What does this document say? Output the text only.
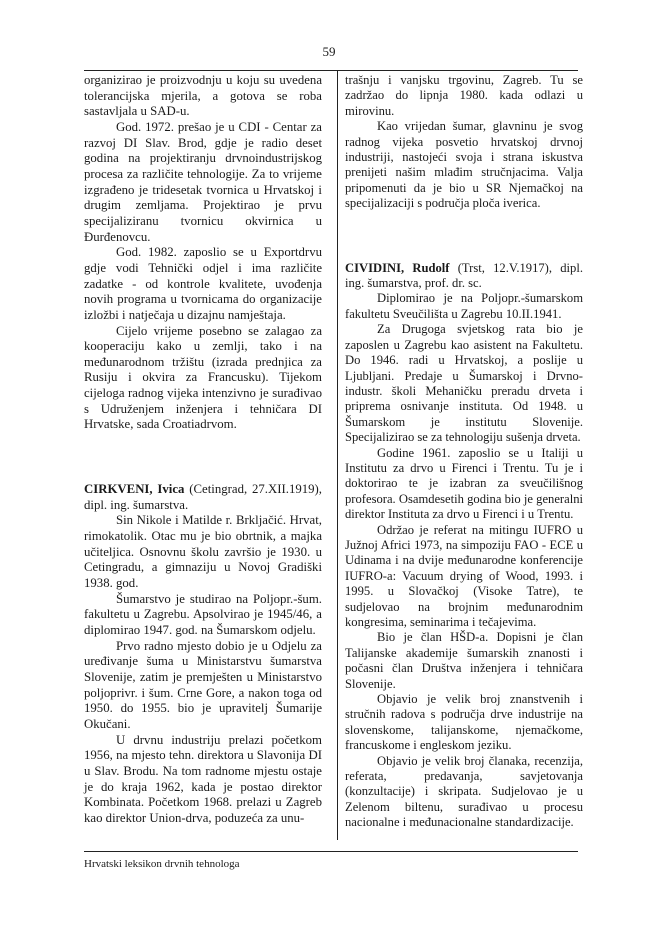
59

organizirao je proizvodnju u koju su uvedena tolerancijska mjerila, a gotova se roba sastavljala u SAD-u.

God. 1972. prešao je u CDI - Centar za razvoj DI Slav. Brod, gdje je radio deset godina na projektiranju drvnoindustrijskog procesa za različite tehnologije. Za to vrijeme izgrađeno je tridesetak tvornica u Hrvatskoj i drugim zemljama. Projektirao je prvu specijaliziranu tvornicu okvirnica u Đurđenovcu.

God. 1982. zaposlio se u Exportdrvu gdje vodi Tehnički odjel i ima različite zadatke - od kontrole kvalitete, uvođenja novih programa u tvornicama do organizacije izložbi i natječaja u dizajnu namještaja.

Cijelo vrijeme posebno se zalagao za kooperaciju kako u zemlji, tako i na međunarodnom tržištu (izrada prednjica za Rusiju i okvira za Francusku). Tijekom cijeloga radnog vijeka intenzivno je surađivao s Udruženjem inženjera i tehničara DI Hrvatske, sada Croatiadrvom.

CIRKVENI, Ivica (Cetingrad, 27.XII.1919), dipl. ing. šumarstva.

Sin Nikole i Matilde r. Brkljačić. Hrvat, rimokatolik. Otac mu je bio obrtnik, a majka učiteljica. Osnovnu školu završio je 1930. u Cetingradu, a gimnaziju u Novoj Gradiški 1938. god.

Šumarstvo je studirao na Poljopr.-šum. fakultetu u Zagrebu. Apsolvirao je 1945/46, a diplomirao 1947. god. na Šumarskom odjelu.

Prvo radno mjesto dobio je u Odjelu za uređivanje šuma u Ministarstvu šumarstva Slovenije, zatim je premješten u Ministarstvo poljoprivr. i šum. Crne Gore, a nakon toga od 1950. do 1955. bio je upravitelj Šumarije Okučani.

U drvnu industriju prelazi početkom 1956, na mjesto tehn. direktora u Slavonija DI u Slav. Brodu. Na tom radnome mjestu ostaje je do kraja 1962, kada je postao direktor Kombinata. Početkom 1968. prelazi u Zagreb kao direktor Union-drva, poduzeća za unu-

trašnju i vanjsku trgovinu, Zagreb. Tu se zadržao do lipnja 1980. kada odlazi u mirovinu.

Kao vrijedan šumar, glavninu je svog radnog vijeka posvetio hrvatskoj drvnoj industriji, nastojeći svoja i strana iskustva prenijeti našim mlađim stručnjacima. Valja pripomenuti da je bio u SR Njemačkoj na specijalizaciji s područja ploča iverica.

CIVIDINI, Rudolf (Trst, 12.V.1917), dipl. ing. šumarstva, prof. dr. sc.

Diplomirao je na Poljopr.-šumarskom fakultetu Sveučilišta u Zagrebu 10.II.1941.

Za Drugoga svjetskog rata bio je zaposlen u Zagrebu kao asistent na Fakultetu. Do 1946. radi u Hrvatskoj, a poslije u Ljubljani. Predaje u Šumarskoj i Drvno-industr. školi Mehaničku preradu drveta i priprema osnivanje instituta. Od 1948. u Šumarskom je institutu Slovenije. Specijalizirao se za tehnologiju sušenja drveta.

Godine 1961. zaposlio se u Italiji u Institutu za drvo u Firenci i Trentu. Tu je i doktorirao te je izabran za sveučilišnog profesora. Osamdesetih godina bio je generalni direktor Instituta za drvo u Firenci i u Trentu.

Održao je referat na mitingu IUFRO u Južnoj Africi 1973, na simpoziju FAO - ECE u Udinama i na dvije međunarodne konferencije IUFRO-a: Vacuum drying of Wood, 1993. i 1995. u Slovačkoj (Visoke Tatre), te sudjelovao na brojnim međunarodnim kongresima, seminarima i tečajevima.

Bio je član HŠD-a. Dopisni je član Talijanske akademije šumarskih znanosti i počasni član Društva inženjera i tehničara Slovenije.

Objavio je velik broj znanstvenih i stručnih radova s područja drve industrije na slovenskome, talijanskome, njemačkome, francuskome i engleskom jeziku.

Objavio je velik broj članaka, recenzija, referata, predavanja, savjetovanja (konzultacije) i skripata. Sudjelovao je u Zelenom biltenu, surađivao u procesu nacionalne i međunacionalne standardizacije.

Hrvatski leksikon drvnih tehnologa
